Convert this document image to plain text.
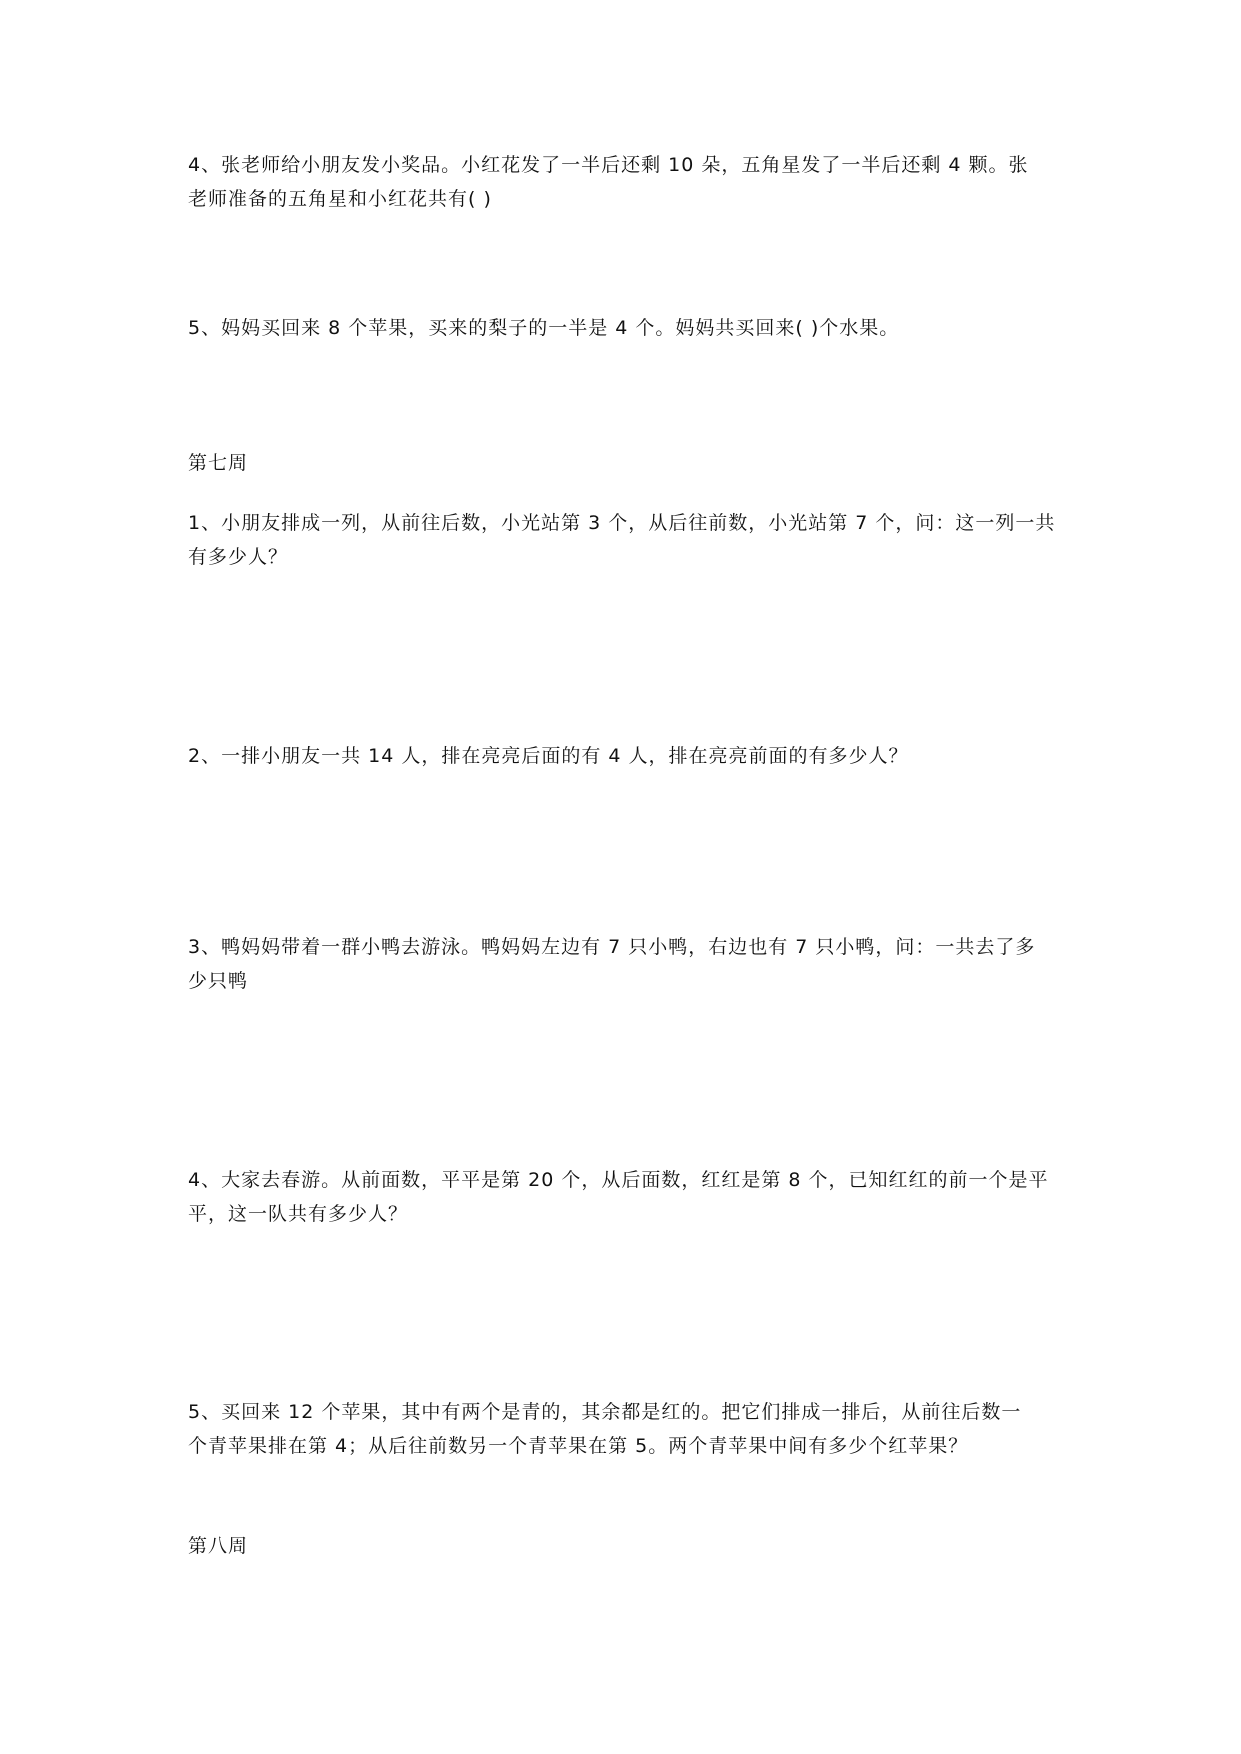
4、张老师给小朋友发小奖品。小红花发了一半后还剩 10 朵，五角星发了一半后还剩 4 颗。张
老师准备的五角星和小红花共有( )
5、妈妈买回来 8 个苹果，买来的梨子的一半是 4 个。妈妈共买回来( )个水果。
第七周
1、小朋友排成一列，从前往后数，小光站第 3 个，从后往前数，小光站第 7 个，问：这一列一共
有多少人？
2、一排小朋友一共 14 人，排在亮亮后面的有 4 人，排在亮亮前面的有多少人？
3、鸭妈妈带着一群小鸭去游泳。鸭妈妈左边有 7 只小鸭，右边也有 7 只小鸭，问：一共去了多
少只鸭
4、大家去春游。从前面数，平平是第 20 个，从后面数，红红是第 8 个，已知红红的前一个是平
平，这一队共有多少人？
5、买回来 12 个苹果，其中有两个是青的，其余都是红的。把它们排成一排后，从前往后数一
个青苹果排在第 4；从后往前数另一个青苹果在第 5。两个青苹果中间有多少个红苹果？
第八周
